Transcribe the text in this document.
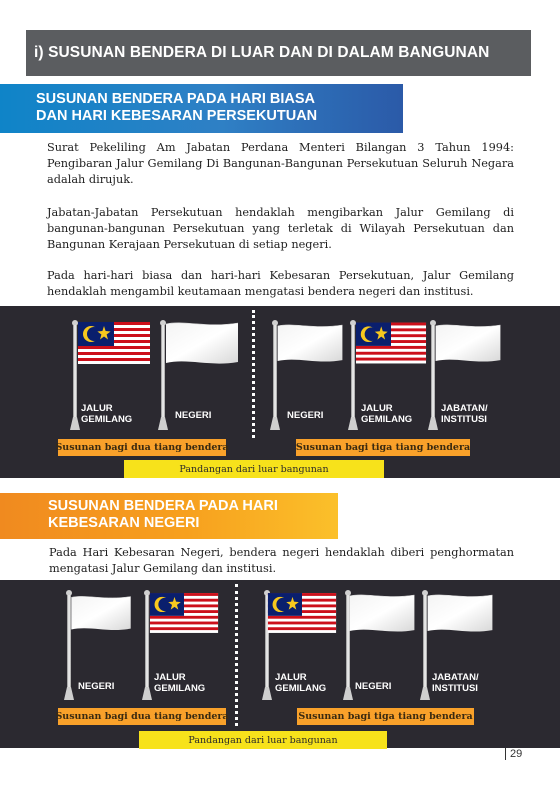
i) SUSUNAN BENDERA DI LUAR DAN DI DALAM BANGUNAN
SUSUNAN BENDERA PADA HARI BIASA
DAN HARI KEBESARAN PERSEKUTUAN
Surat Pekeliling Am Jabatan Perdana Menteri Bilangan 3 Tahun 1994: Pengibaran Jalur Gemilang Di Bangunan-Bangunan Persekutuan Seluruh Negara adalah dirujuk.
Jabatan-Jabatan Persekutuan hendaklah mengibarkan Jalur Gemilang di bangunan-bangunan Persekutuan yang terletak di Wilayah Persekutuan dan Bangunan Kerajaan Persekutuan di setiap negeri.
Pada hari-hari biasa dan hari-hari Kebesaran Persekutuan, Jalur Gemilang hendaklah mengambil keutamaan mengatasi bendera negeri dan institusi.
JALUR
GEMILANG	NEGERI	NEGERI
JALUR
GEMILANG
JABATAN/
INSTITUSI
Susunan bagi dua tiang bendera	Susunan bagi tiga tiang bendera
Pandangan dari luar bangunan
SUSUNAN BENDERA PADA HARI
KEBESARAN NEGERI
Pada Hari Kebesaran Negeri, bendera negeri hendaklah diberi penghormatan mengatasi Jalur Gemilang dan institusi.
NEGERI
JALUR
GEMILANG
JALUR
GEMILANG	NEGERI
JABATAN/
INSTITUSI
Susunan bagi dua tiang bendera	Susunan bagi tiga tiang bendera
Pandangan dari luar bangunan
29
